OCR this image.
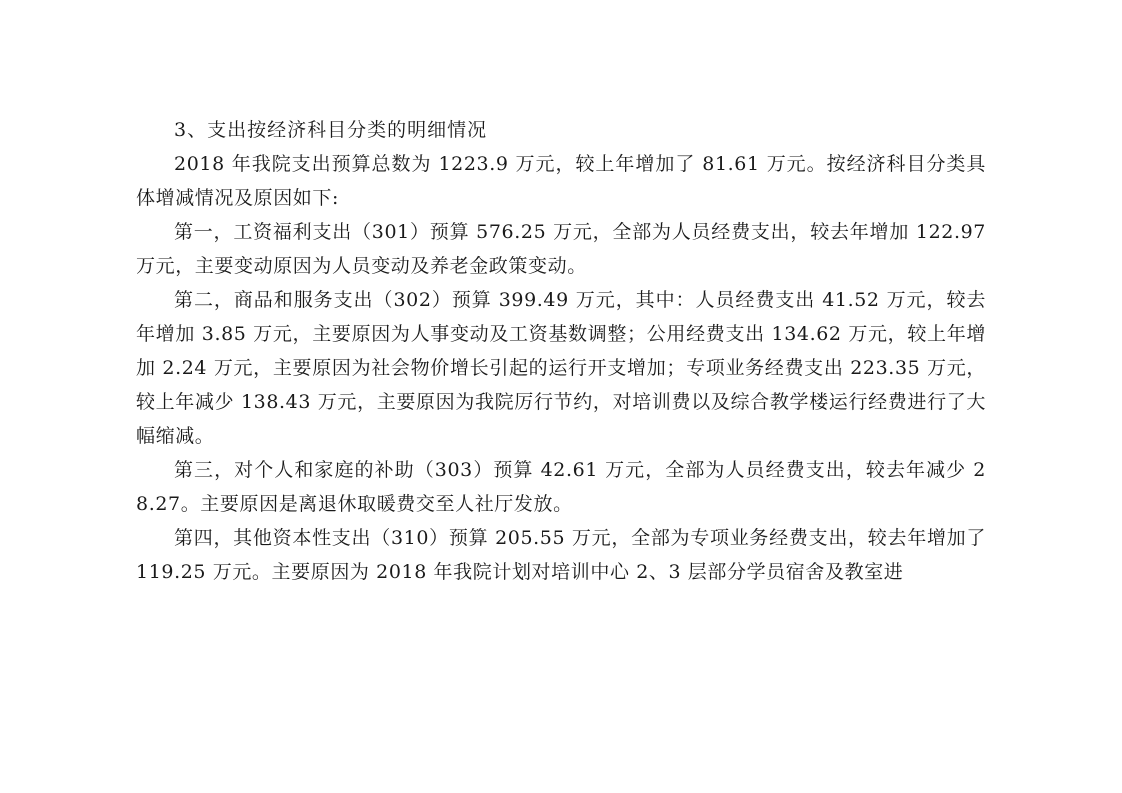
3、支出按经济科目分类的明细情况

2018 年我院支出预算总数为 1223.9 万元，较上年增加了 81.61 万元。按经济科目分类具体增减情况及原因如下:

第一，工资福利支出（301）预算 576.25 万元，全部为人员经费支出，较去年增加 122.97 万元，主要变动原因为人员变动及养老金政策变动。

第二，商品和服务支出（302）预算 399.49 万元，其中：人员经费支出 41.52 万元，较去年增加 3.85 万元，主要原因为人事变动及工资基数调整；公用经费支出 134.62 万元，较上年增加 2.24 万元，主要原因为社会物价增长引起的运行开支增加；专项业务经费支出 223.35 万元，较上年减少 138.43 万元，主要原因为我院厉行节约，对培训费以及综合教学楼运行经费进行了大幅缩减。

第三，对个人和家庭的补助（303）预算 42.61 万元，全部为人员经费支出，较去年减少 28.27。主要原因是离退休取暖费交至人社厅发放。

第四，其他资本性支出（310）预算 205.55 万元，全部为专项业务经费支出，较去年增加了 119.25 万元。主要原因为 2018 年我院计划对培训中心 2、3 层部分学员宿舍及教室进
